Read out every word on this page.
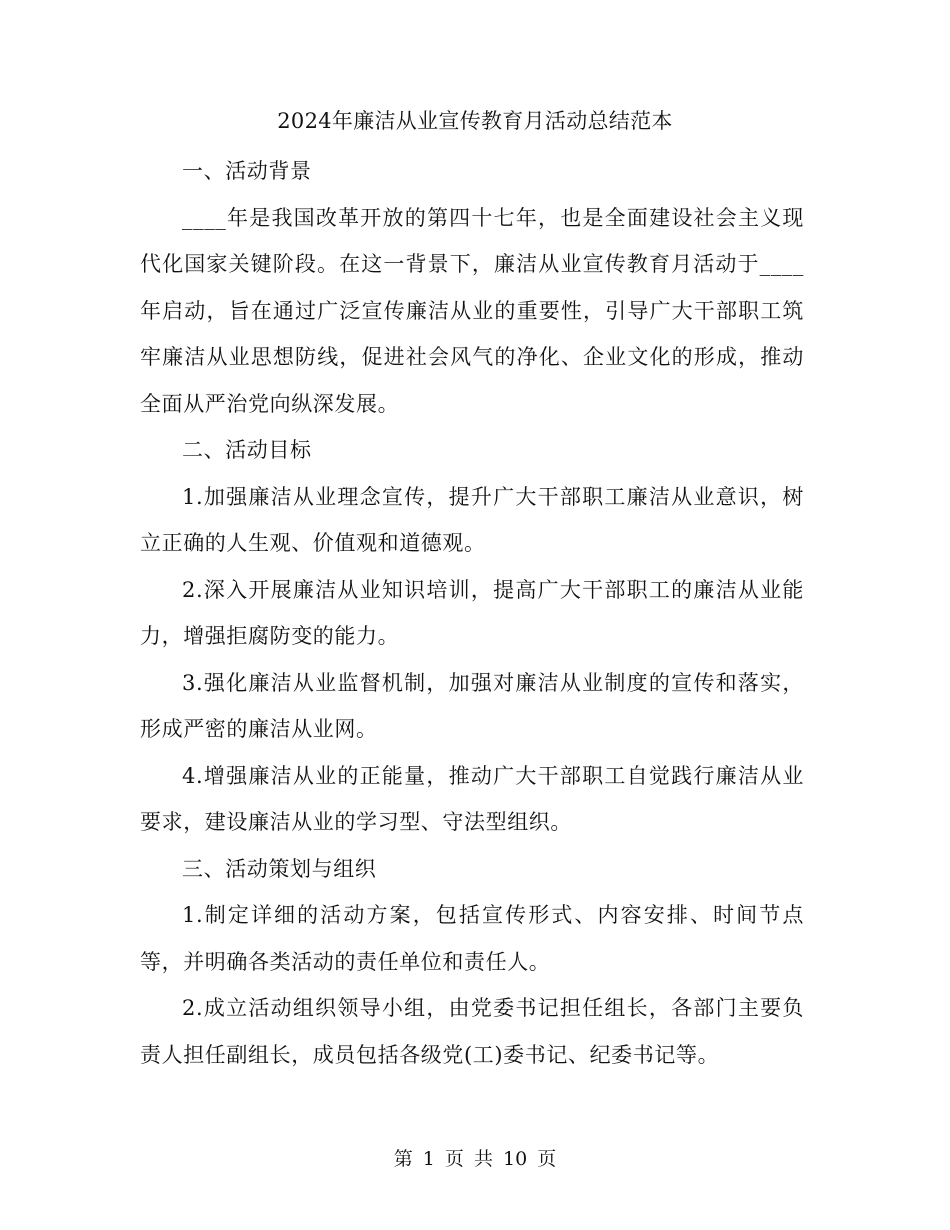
2024年廉洁从业宣传教育月活动总结范本

一、活动背景

____年是我国改革开放的第四十七年，也是全面建设社会主义现代化国家关键阶段。在这一背景下，廉洁从业宣传教育月活动于____年启动，旨在通过广泛宣传廉洁从业的重要性，引导广大干部职工筑牢廉洁从业思想防线，促进社会风气的净化、企业文化的形成，推动全面从严治党向纵深发展。

二、活动目标

1.加强廉洁从业理念宣传，提升广大干部职工廉洁从业意识，树立正确的人生观、价值观和道德观。

2.深入开展廉洁从业知识培训，提高广大干部职工的廉洁从业能力，增强拒腐防变的能力。

3.强化廉洁从业监督机制，加强对廉洁从业制度的宣传和落实，形成严密的廉洁从业网。

4.增强廉洁从业的正能量，推动广大干部职工自觉践行廉洁从业要求，建设廉洁从业的学习型、守法型组织。

三、活动策划与组织

1.制定详细的活动方案，包括宣传形式、内容安排、时间节点等，并明确各类活动的责任单位和责任人。

2.成立活动组织领导小组，由党委书记担任组长，各部门主要负责人担任副组长，成员包括各级党(工)委书记、纪委书记等。

第 1 页 共 10 页
